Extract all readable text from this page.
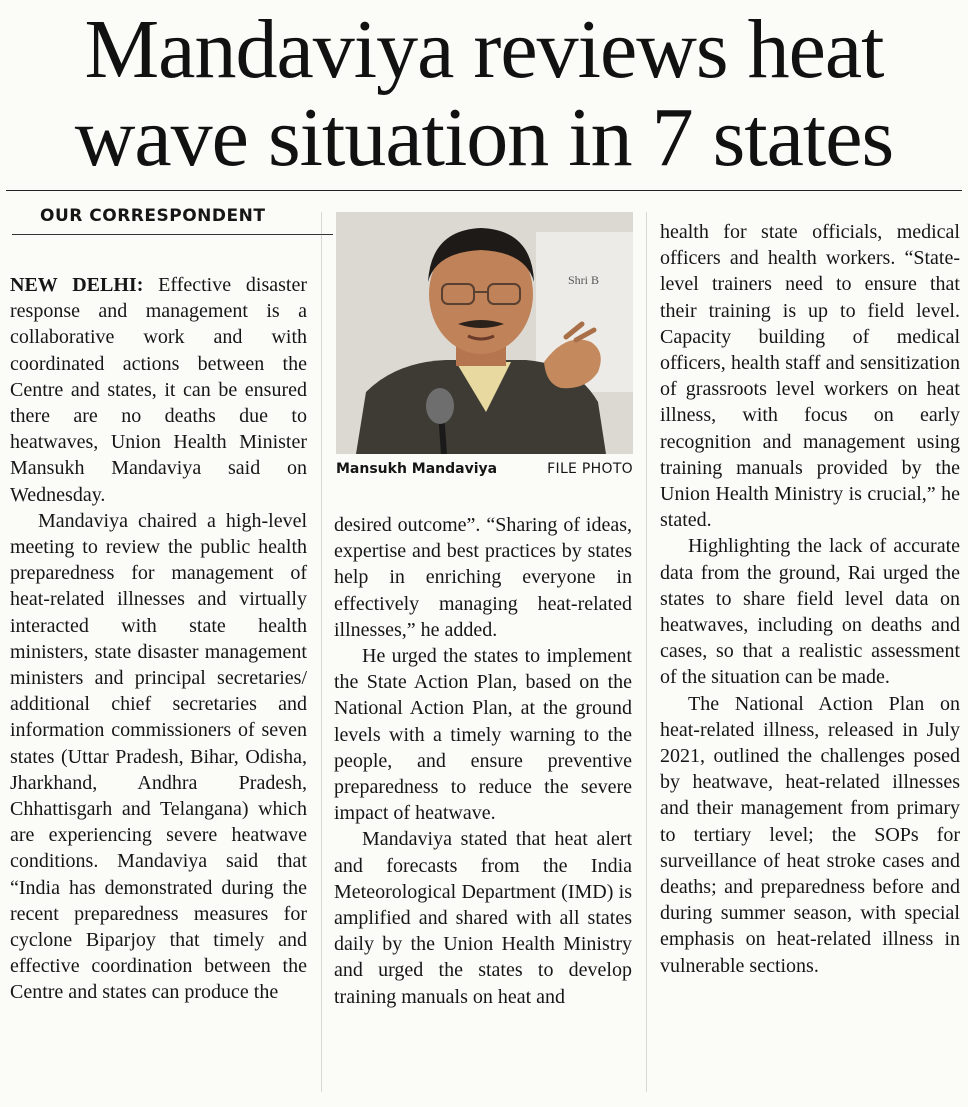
Mandaviya reviews heat
wave situation in 7 states
OUR CORRESPONDENT
Shri B
Mansukh Mandaviya	FILE PHOTO

NEW DELHI: Effective disaster response and management is a collaborative work and with coordinated actions between the Centre and states, it can be ensured there are no deaths due to heatwaves, Union Health Minister Mansukh Mandaviya said on Wednesday.

Mandaviya chaired a high-level meeting to review the public health preparedness for management of heat-related illnesses and virtually interacted with state health ministers, state disaster management ministers and principal secretaries/ additional chief secretaries and information commissioners of seven states (Uttar Pradesh, Bihar, Odisha, Jharkhand, Andhra Pradesh, Chhattisgarh and Telangana) which are experiencing severe heatwave conditions. Mandaviya said that “India has demonstrated during the recent preparedness measures for cyclone Biparjoy that timely and effective coordination between the Centre and states can produce the

desired outcome”. “Sharing of ideas, expertise and best practices by states help in enriching everyone in effectively managing heat-related illnesses,” he added.

He urged the states to implement the State Action Plan, based on the National Action Plan, at the ground levels with a timely warning to the people, and ensure preventive preparedness to reduce the severe impact of heatwave.

Mandaviya stated that heat alert and forecasts from the India Meteorological Department (IMD) is amplified and shared with all states daily by the Union Health Ministry and urged the states to develop training manuals on heat and

health for state officials, medical officers and health workers. “State-level trainers need to ensure that their training is up to field level. Capacity building of medical officers, health staff and sensitization of grassroots level workers on heat illness, with focus on early recognition and management using training manuals provided by the Union Health Ministry is crucial,” he stated.

Highlighting the lack of accurate data from the ground, Rai urged the states to share field level data on heatwaves, including on deaths and cases, so that a realistic assessment of the situation can be made.

The National Action Plan on heat-related illness, released in July 2021, outlined the challenges posed by heatwave, heat-related illnesses and their management from primary to tertiary level; the SOPs for surveillance of heat stroke cases and deaths; and preparedness before and during summer season, with special emphasis on heat-related illness in vulnerable sections.
